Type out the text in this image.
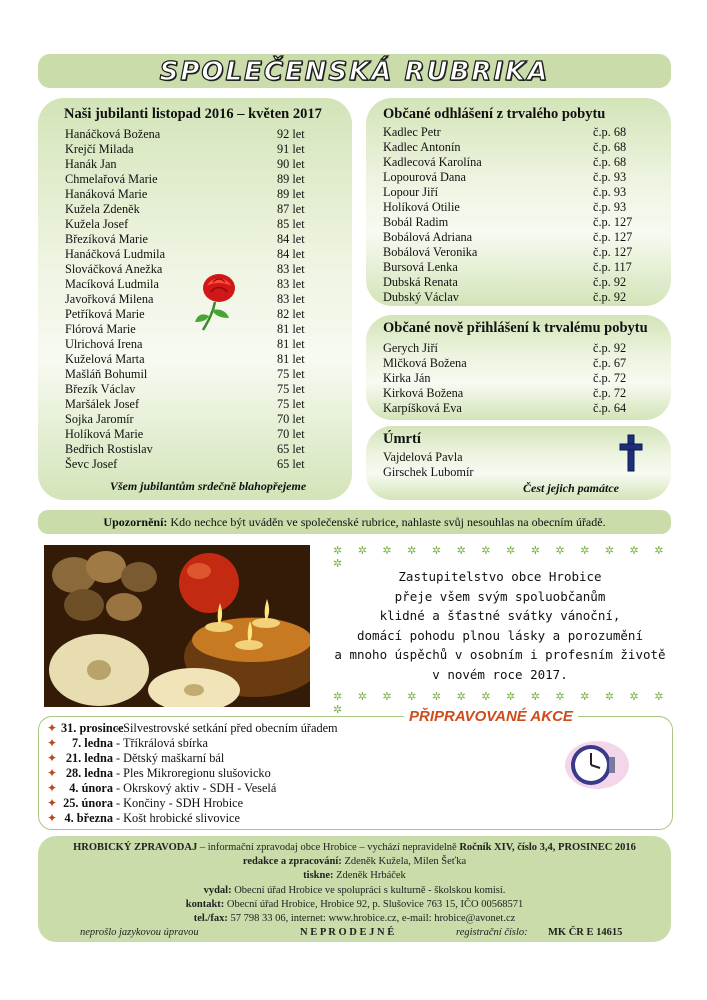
SPOLEČENSKÁ RUBRIKA
Naši jubilanti listopad 2016 – květen 2017
Hanáčková Božena	92 let
Krejčí Milada	91 let
Hanák Jan	90 let
Chmelařová Marie	89 let
Hanáková Marie	89 let
Kuželа Zdeněk	87 let
Kužela Josef	85 let
Březíková Marie	84 let
Hanáčková Ludmila	84 let
Slováčková Anežka	83 let
Macíková Ludmila	83 let
Javořková Milena	83 let
Petříková Marie	82 let
Flórová Marie	81 let
Ulrichová Irena	81 let
Kuželová Marta	81 let
Mašláň Bohumil	75 let
Březík Václav	75 let
Maršálek Josef	75 let
Sojka Jaromír	70 let
Holíková Marie	70 let
Bedřich Rostislav	65 let
Ševc Josef	65 let
Všem jubilantům srdečně blahopřejeme
Občané odhlášení z trvalého pobytu
Kadlec Petr	č.p. 68
Kadlec Antonín	č.p. 68
Kadlecová Karolína	č.p. 68
Lopourová Dana	č.p. 93
Lopour Jiří	č.p. 93
Holíková Otilie	č.p. 93
Bobál Radim	č.p. 127
Bobálová Adriana	č.p. 127
Bobálová Veronika	č.p. 127
Bursová Lenka	č.p. 117
Dubská Renata	č.p. 92
Dubský Václav	č.p. 92
Občané nově přihlášení k trvalému pobytu
Gerych Jiří	č.p. 92
Mlčková Božena	č.p. 67
Kirka Ján	č.p. 72
Kirková Božena	č.p. 72
Karpíšková Eva	č.p. 64
Úmrtí
Vajdelová Pavla
Girschek Lubomír
Čest jejich památce
Upozornění: Kdo nechce být uváděn ve společenské rubrice, nahlaste svůj nesouhlas na obecním úřadě.
✲ ✲ ✲ ✲ ✲ ✲ ✲ ✲ ✲ ✲ ✲ ✲ ✲ ✲ ✲
Zastupitelstvo obce Hrobice
přeje všem svým spoluobčanům
klidné a šťastné svátky vánoční,
domácí pohodu plnou lásky a porozumění
a mnoho úspěchů v osobním i profesním životě
v novém roce 2017.
✲ ✲ ✲ ✲ ✲ ✲ ✲ ✲ ✲ ✲ ✲ ✲ ✲ ✲ ✲	PŘIPRAVOVANÉ AKCE
✦ 31. prosince
- Silvestrovské setkání před obecním úřadem
✦	7. ledna - Tříkrálová sbírka
✦ 21. ledna - Dětský maškarní bál
✦ 28. ledna - Ples Mikroregionu slušovicko
✦ 4. února - Okrskový aktiv - SDH - Veselá
✦ 25. února - Končiny - SDH Hrobice
✦ 4. března - Košt hrobické slivovice
HROBICKÝ ZPRAVODAJ – informační zpravodaj obce Hrobice – vychází nepravidelně Ročník XIV, číslo 3,4, PROSINEC 2016
redakce a zpracování: Zdeněk Kužela, Milen Šeťka
tiskne: Zdeněk Hrbáček
vydal: Obecní úřad Hrobice ve spolupráci s kulturně - školskou komisí.
kontakt: Obecní úřad Hrobice, Hrobice 92, p. Slušovice 763 15, IČO 00568571
tel./fax: 57 798 33 06, internet: www.hrobice.cz, e-mail: hrobice@avonet.cz
neprošlo jazykovou úpravou	N E P R O D E J N É	registrační číslo: MK ČR E 14615
